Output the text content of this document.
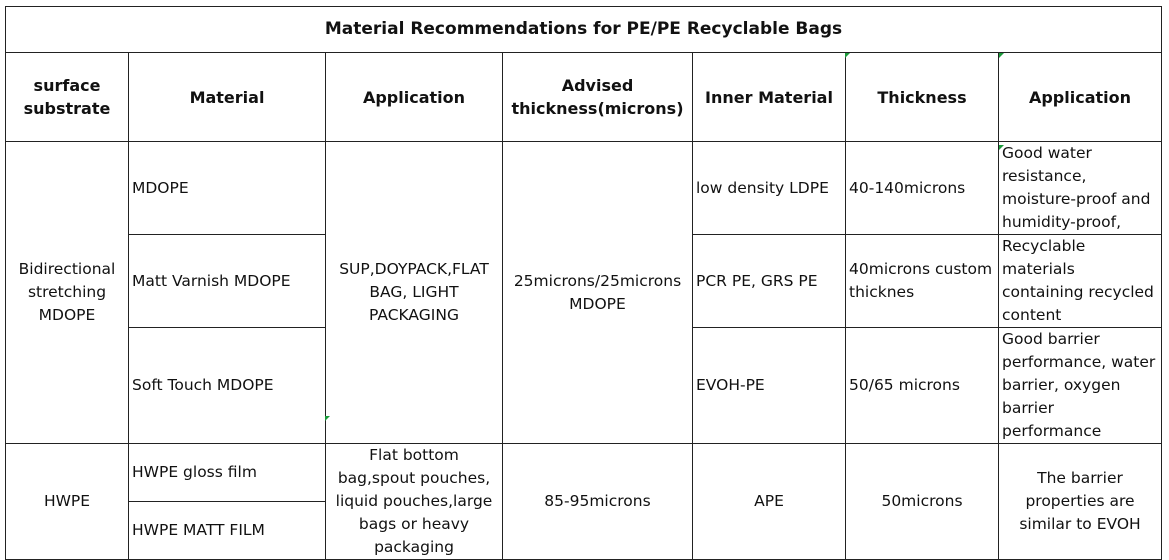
Material Recommendations for PE/PE Recyclable Bags						
surface substrate	Material	Application	Advised thickness(microns)	Inner Material	Thickness	Application
Bidirectional stretching MDOPE	MDOPE	SUP,DOYPACK,FLAT BAG, LIGHT PACKAGING	25microns/25microns MDOPE	low density LDPE	40-140microns	Good water resistance, moisture-proof and humidity-proof,
	Matt Varnish MDOPE			PCR PE, GRS PE	40microns custom thicknes	Recyclable materials containing recycled content
	Soft Touch MDOPE			EVOH-PE	50/65 microns	Good barrier performance, water barrier, oxygen barrier performance
HWPE	HWPE gloss film	Flat bottom bag,spout pouches, liquid pouches,large bags or heavy packaging	85-95microns	APE	50microns	The barrier properties are similar to EVOH
	HWPE MATT FILM					
